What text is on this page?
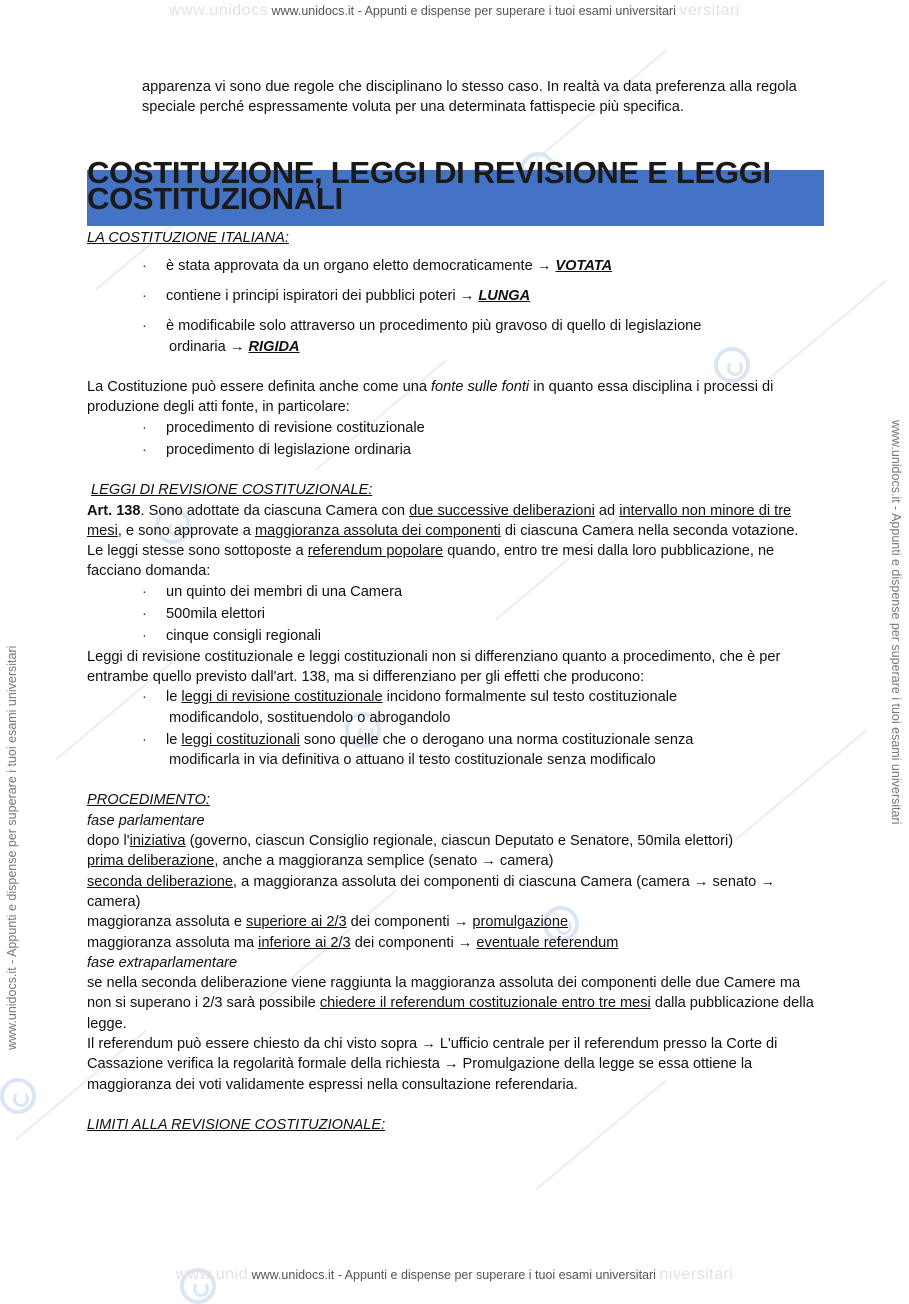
www.unidocs www.unidocs.it - Appunti e dispense per superare i tuoi esami universitari versitari
www.unid www.unidocs.it - Appunti e dispense per superare i tuoi esami universitari niversitari
www.unidocs.it - Appunti e dispense per superare i tuoi esami universitari
www.unidocs.it - Appunti e dispense per superare i tuoi esami universitari

apparenza vi sono due regole che disciplinano lo stesso caso. In realtà va data preferenza alla regola speciale perché espressamente voluta per una determinata fattispecie più specifica.

COSTITUZIONE, LEGGI DI REVISIONE E LEGGI COSTITUZIONALI

LA COSTITUZIONE ITALIANA:

· è stata approvata da un organo eletto democraticamente → VOTATA
· contiene i principi ispiratori dei pubblici poteri → LUNGA
· è modificabile solo attraverso un procedimento più gravoso di quello di legislazione
ordinaria → RIGIDA

La Costituzione può essere definita anche come una fonte sulle fonti in quanto essa disciplina i processi di produzione degli atti fonte, in particolare:

· procedimento di revisione costituzionale
· procedimento di legislazione ordinaria

LEGGI DI REVISIONE COSTITUZIONALE:

Art. 138. Sono adottate da ciascuna Camera con due successive deliberazioni ad intervallo non minore di tre mesi, e sono approvate a maggioranza assoluta dei componenti di ciascuna Camera nella seconda votazione.

Le leggi stesse sono sottoposte a referendum popolare quando, entro tre mesi dalla loro pubblicazione, ne facciano domanda:

· un quinto dei membri di una Camera
· 500mila elettori
· cinque consigli regionali

Leggi di revisione costituzionale e leggi costituzionali non si differenziano quanto a procedimento, che è per entrambe quello previsto dall'art. 138, ma si differenziano per gli effetti che producono:

· le leggi di revisione costituzionale incidono formalmente sul testo costituzionale
modificandolo, sostituendolo o abrogandolo
· le leggi costituzionali sono quelle che o derogano una norma costituzionale senza
modificarla in via definitiva o attuano il testo costituzionale senza modificalo

PROCEDIMENTO:

fase parlamentare

dopo l'iniziativa (governo, ciascun Consiglio regionale, ciascun Deputato e Senatore, 50mila elettori)

prima deliberazione, anche a maggioranza semplice (senato → camera)

seconda deliberazione, a maggioranza assoluta dei componenti di ciascuna Camera (camera → senato → camera)

maggioranza assoluta e superiore ai 2/3 dei componenti → promulgazione

maggioranza assoluta ma inferiore ai 2/3 dei componenti → eventuale referendum

fase extraparlamentare

se nella seconda deliberazione viene raggiunta la maggioranza assoluta dei componenti delle due Camere ma non si superano i 2/3 sarà possibile chiedere il referendum costituzionale entro tre mesi dalla pubblicazione della legge.

Il referendum può essere chiesto da chi visto sopra → L'ufficio centrale per il referendum presso la Corte di Cassazione verifica la regolarità formale della richiesta → Promulgazione della legge se essa ottiene la maggioranza dei voti validamente espressi nella consultazione referendaria.

LIMITI ALLA REVISIONE COSTITUZIONALE:
